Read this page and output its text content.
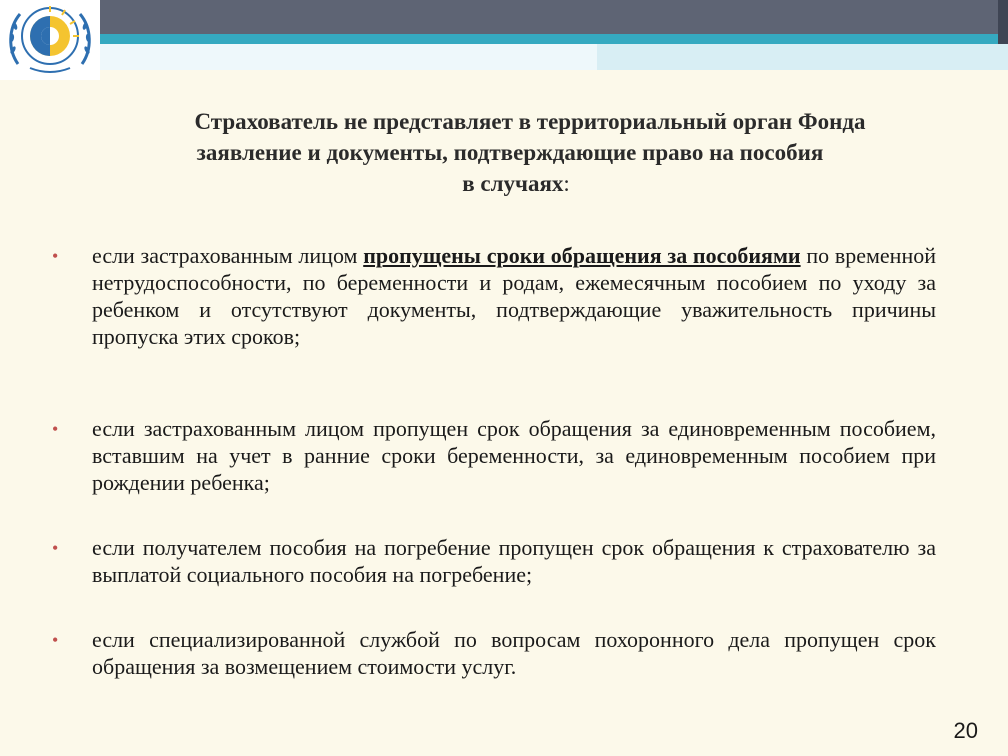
Страхователь не представляет в территориальный орган Фонда
заявление и документы, подтверждающие право на пособия
в случаях:
• если застрахованным лицом пропущены сроки обращения за пособиями по временной нетрудоспособности, по беременности и родам, ежемесячным пособием по уходу за ребенком и отсутствуют документы, подтверждающие уважительность причины пропуска этих сроков;
• если застрахованным лицом пропущен срок обращения за единовременным пособием, вставшим на учет в ранние сроки беременности, за единовременным пособием при рождении ребенка;
• если получателем пособия на погребение пропущен срок обращения к страхователю за выплатой социального пособия на погребение;
• если специализированной службой по вопросам похоронного дела пропущен срок обращения за возмещением стоимости услуг.
20
